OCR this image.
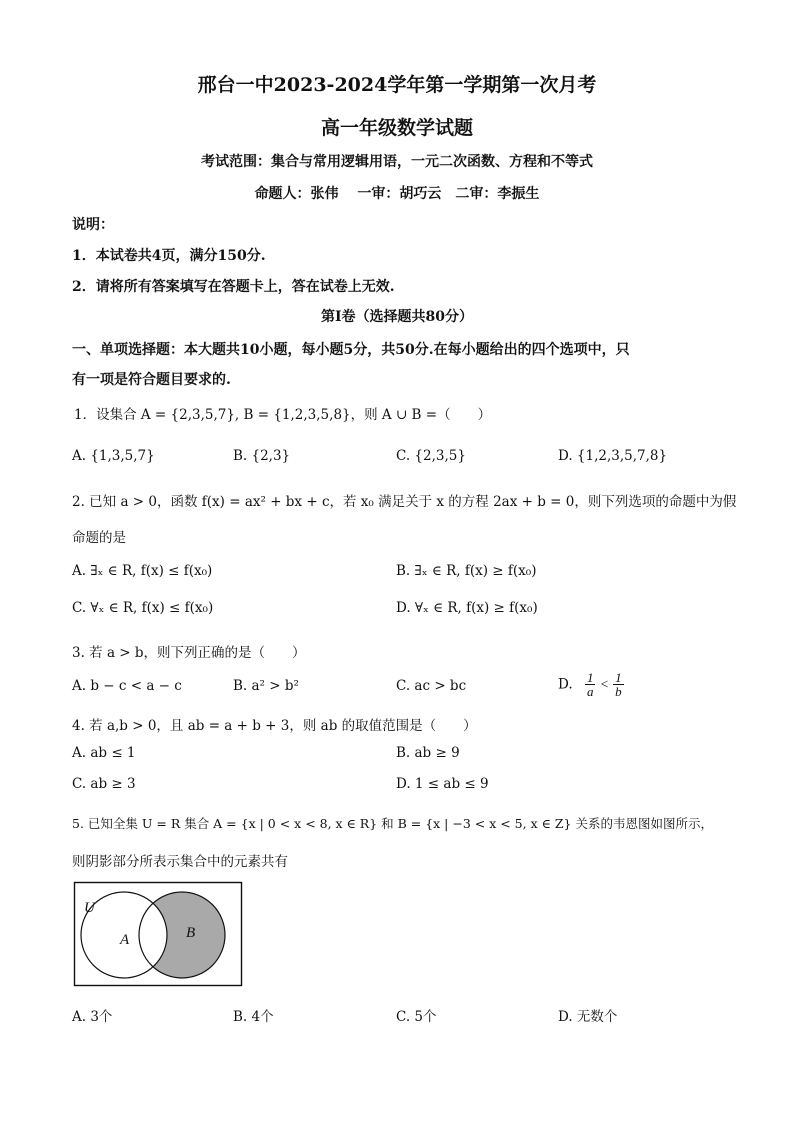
邢台一中2023-2024学年第一学期第一次月考
高一年级数学试题
考试范围：集合与常用逻辑用语，一元二次函数、方程和不等式
命题人：张伟　 一审：胡巧云　二审：李振生
说明：
1．本试卷共4页，满分150分.
2．请将所有答案填写在答题卡上，答在试卷上无效.
第Ⅰ卷（选择题共80分）
一、单项选择题：本大题共10小题，每小题5分，共50分.在每小题给出的四个选项中，只
有一项是符合题目要求的.
1．设集合 A = {2,3,5,7}, B = {1,2,3,5,8}，则 A ∪ B =（　　）
A. {1,3,5,7}	B. {2,3}	C. {2,3,5}	D. {1,2,3,5,7,8}
2. 已知 a > 0，函数 f(x) = ax² + bx + c，若 x₀ 满足关于 x 的方程 2ax + b = 0，则下列选项的命题中为假
命题的是
A. ∃ₓ ∈ R, f(x) ≤ f(x₀)	B. ∃ₓ ∈ R, f(x) ≥ f(x₀)
C. ∀ₓ ∈ R, f(x) ≤ f(x₀)	D. ∀ₓ ∈ R, f(x) ≥ f(x₀)
3. 若 a > b，则下列正确的是（　　）
A. b − c < a − c	B. a² > b²	C. ac > bc	D. $\frac{1}{a} < \frac{1}{b}$
4. 若 a,b > 0，且 ab = a + b + 3，则 ab 的取值范围是（　　）
A. ab ≤ 1	B. ab ≥ 9
C. ab ≥ 3	D. 1 ≤ ab ≤ 9
5. 已知全集 U = R 集合 A = {x | 0 < x < 8, x ∈ R} 和 B = {x | −3 < x < 5, x ∈ Z} 关系的韦恩图如图所示，
则阴影部分所表示集合中的元素共有
U
A	B
A. 3个	B. 4个	C. 5个	D. 无数个
